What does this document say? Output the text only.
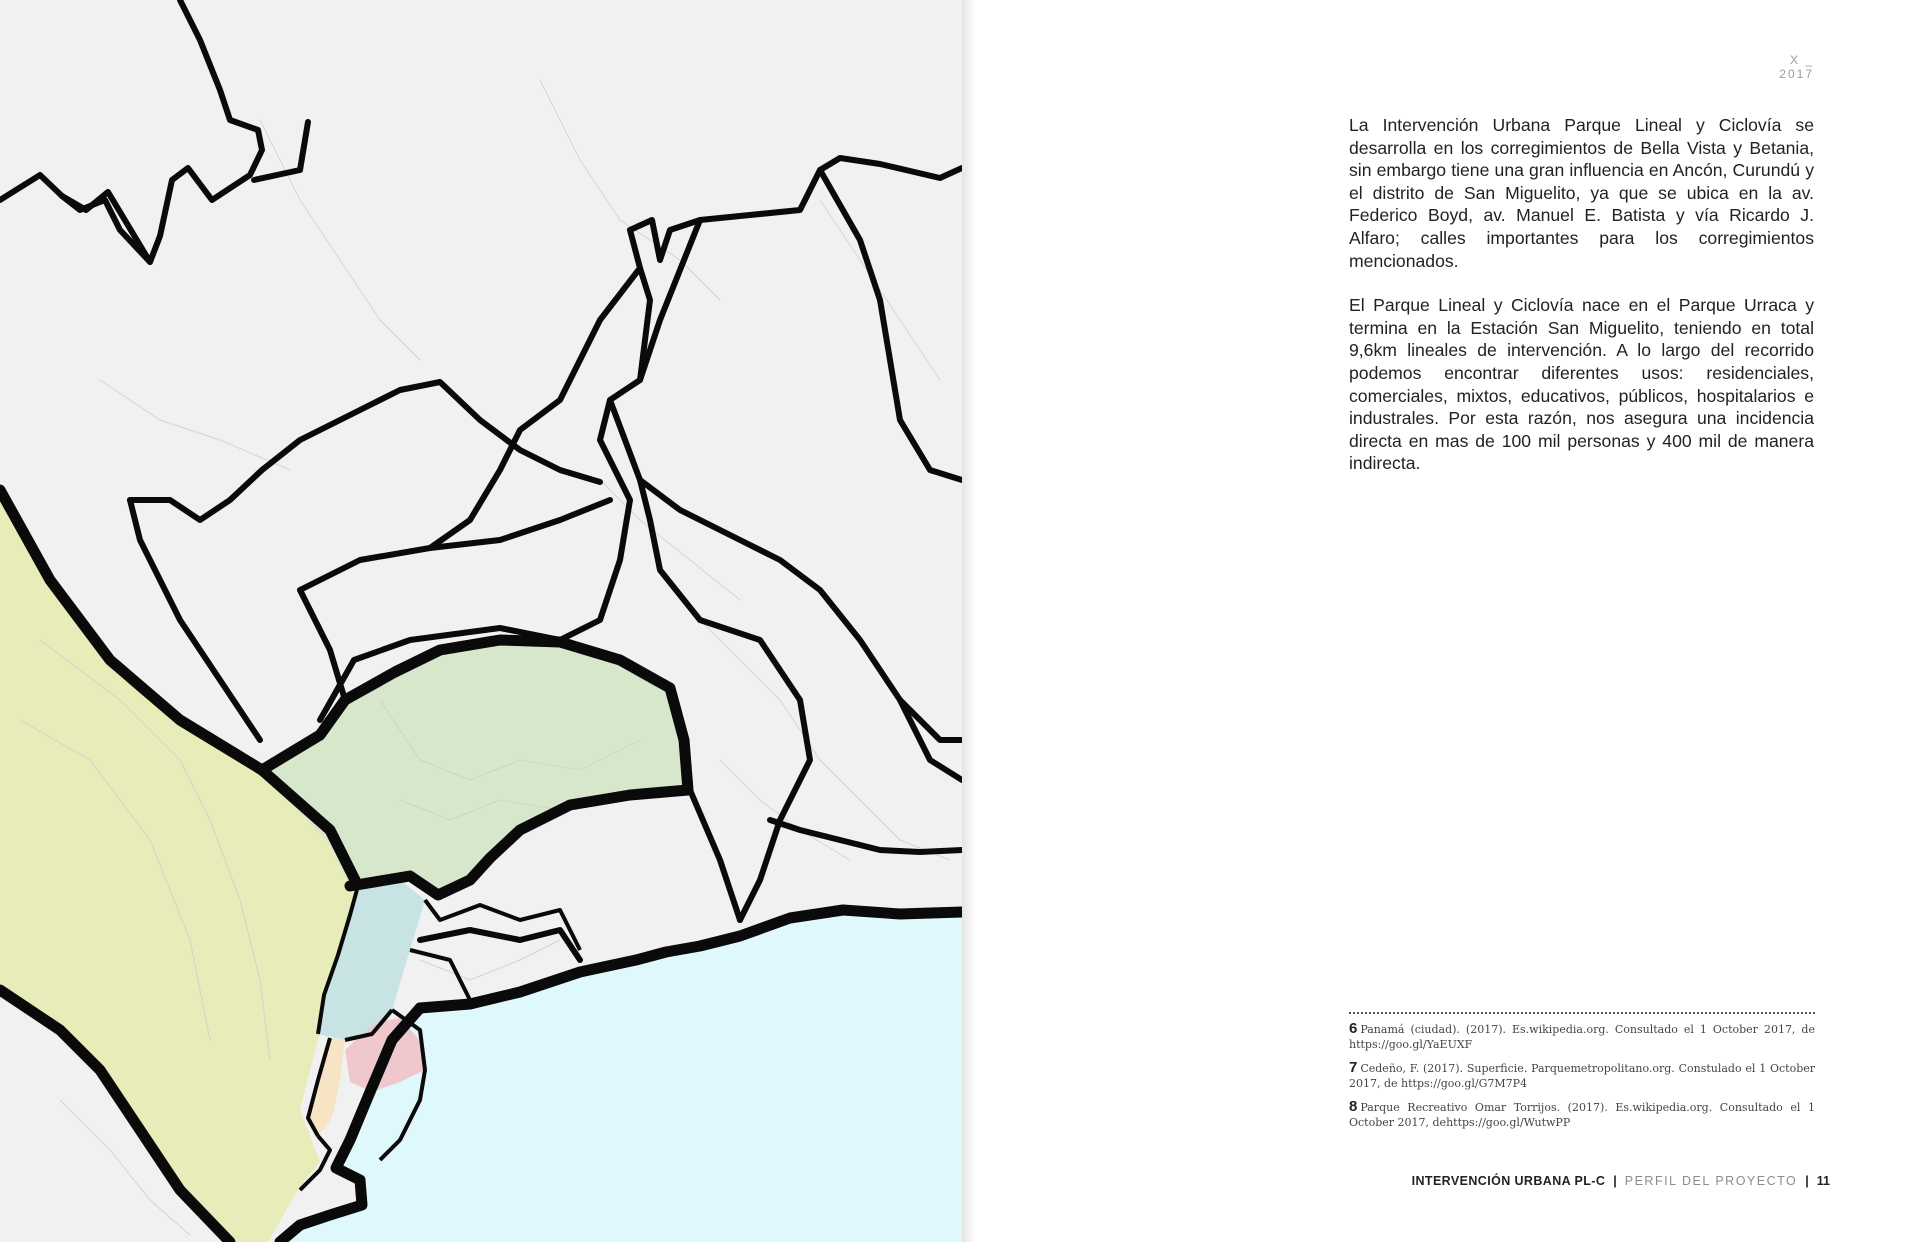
X _ 2017

La Intervención Urbana Parque Lineal y Ciclovía se desarrolla en los corregimientos de Bella Vista y Betania, sin embargo tiene una gran influencia en Ancón, Curundú y el distrito de San Miguelito, ya que se ubica en la av. Federico Boyd, av. Manuel E. Batista y vía Ricardo J. Alfaro; calles importantes para los corregimientos mencionados.

El Parque Lineal y Ciclovía nace en el Parque Urraca y termina en la Estación San Miguelito, teniendo en total 9,6km lineales de intervención. A lo largo del recorrido podemos encontrar diferentes usos: residenciales, comerciales, mixtos, educativos, públicos, hospitalarios e industrales. Por esta razón, nos asegura una incidencia directa en mas de 100 mil personas y 400 mil de manera indirecta.

6 Panamá (ciudad). (2017). Es.wikipedia.org. Consultado el 1 October 2017, de https://goo.gl/YaEUXF
7 Cedeño, F. (2017). Superficie. Parquemetropolitano.org. Constulado el 1 October 2017, de https://goo.gl/G7M7P4
8 Parque Recreativo Omar Torrijos. (2017). Es.wikipedia.org. Consultado el 1 October 2017, dehttps://goo.gl/WutwPP
INTERVENCIÓN URBANA PL-C | PERFIL DEL PROYECTO | 11
